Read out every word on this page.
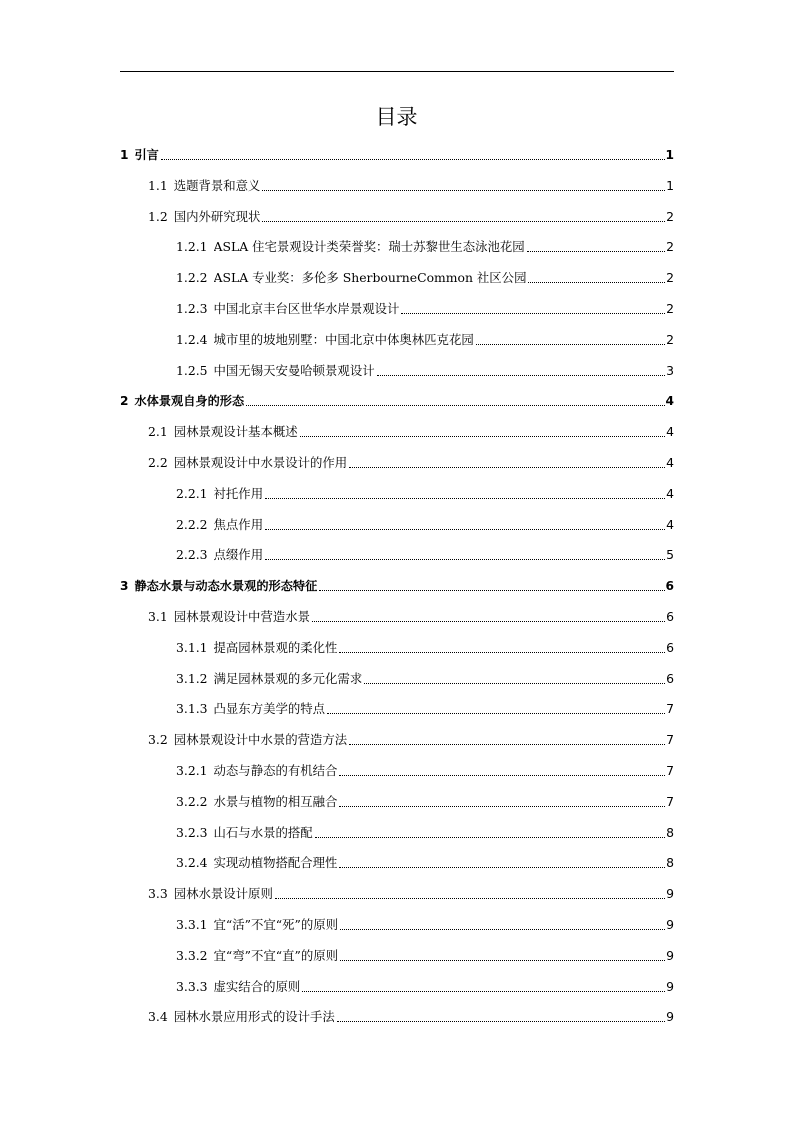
目录
1 引言	1
1.1 选题背景和意义	1
1.2 国内外研究现状	2
1.2.1 ASLA 住宅景观设计类荣誉奖：瑞士苏黎世生态泳池花园	2
1.2.2 ASLA 专业奖：多伦多 SherbourneCommon 社区公园	2
1.2.3 中国北京丰台区世华水岸景观设计	2
1.2.4 城市里的坡地别墅：中国北京中体奥林匹克花园	2
1.2.5 中国无锡天安曼哈顿景观设计	3
2 水体景观自身的形态	4
2.1 园林景观设计基本概述	4
2.2 园林景观设计中水景设计的作用	4
2.2.1 衬托作用	4
2.2.2 焦点作用	4
2.2.3 点缀作用	5
3 静态水景与动态水景观的形态特征	6
3.1 园林景观设计中营造水景	6
3.1.1 提高园林景观的柔化性	6
3.1.2 满足园林景观的多元化需求	6
3.1.3 凸显东方美学的特点	7
3.2 园林景观设计中水景的营造方法	7
3.2.1 动态与静态的有机结合	7
3.2.2 水景与植物的相互融合	7
3.2.3 山石与水景的搭配	8
3.2.4 实现动植物搭配合理性	8
3.3 园林水景设计原则	9
3.3.1 宜“活”不宜“死”的原则	9
3.3.2 宜“弯”不宜“直”的原则	9
3.3.3 虚实结合的原则	9
3.4 园林水景应用形式的设计手法	9
